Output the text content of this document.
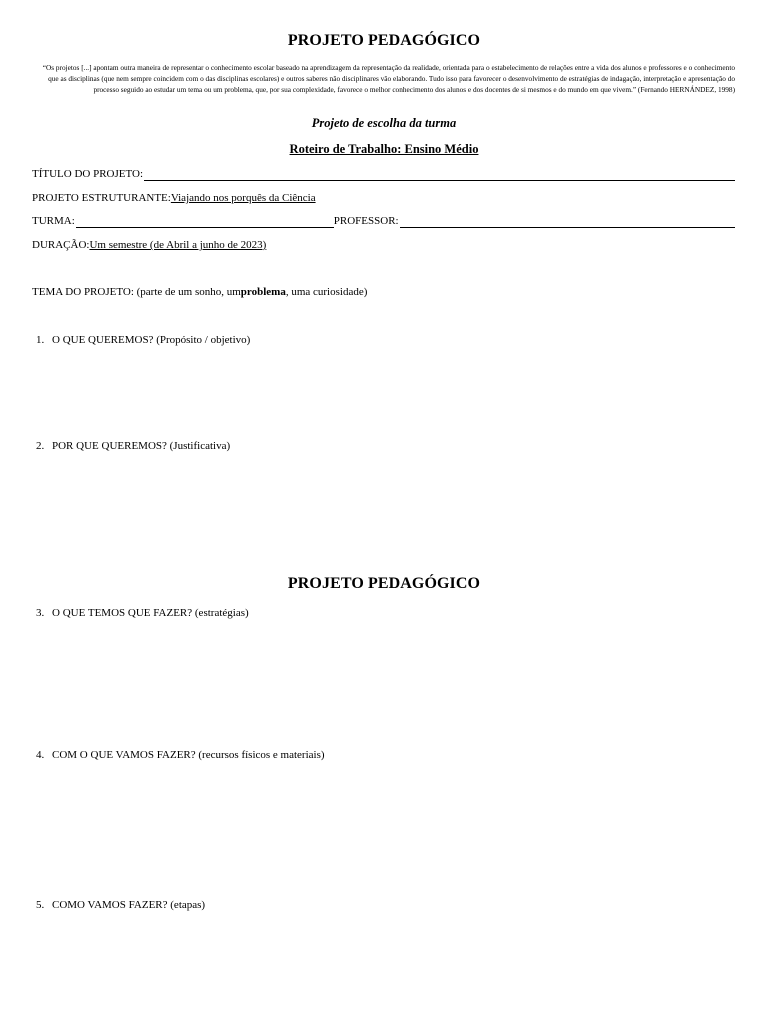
PROJETO PEDAGÓGICO
“Os projetos [...] apontam outra maneira de representar o conhecimento escolar baseado na aprendizagem da representação da realidade, orientada para o estabelecimento de relações entre a vida dos alunos e professores e o conhecimento que as disciplinas (que nem sempre coincidem com o das disciplinas escolares) e outros saberes não disciplinares vão elaborando. Tudo isso para favorecer o desenvolvimento de estratégias de indagação, interpretação e apresentação do processo seguido ao estudar um tema ou um problema, que, por sua complexidade, favorece o melhor conhecimento dos alunos e dos docentes de si mesmos e do mundo em que vivem.” (Fernando HERNÁNDEZ, 1998)
Projeto de escolha da turma
Roteiro de Trabalho: Ensino Médio
TÍTULO DO PROJETO:
PROJETO ESTRUTURANTE: Viajando nos porquês da Ciência
TURMA:	PROFESSOR:
DURAÇÃO: Um semestre (de Abril a junho de 2023)
TEMA DO PROJETO : (parte de um sonho, um problema , uma curiosidade)
1. O QUE QUEREMOS? (Propósito / objetivo)
2. POR QUE QUEREMOS? (Justificativa)
PROJETO PEDAGÓGICO
3. O QUE TEMOS QUE FAZER? (estratégias)
4. COM O QUE VAMOS FAZER? (recursos físicos e materiais)
5. COMO VAMOS FAZER? (etapas)
